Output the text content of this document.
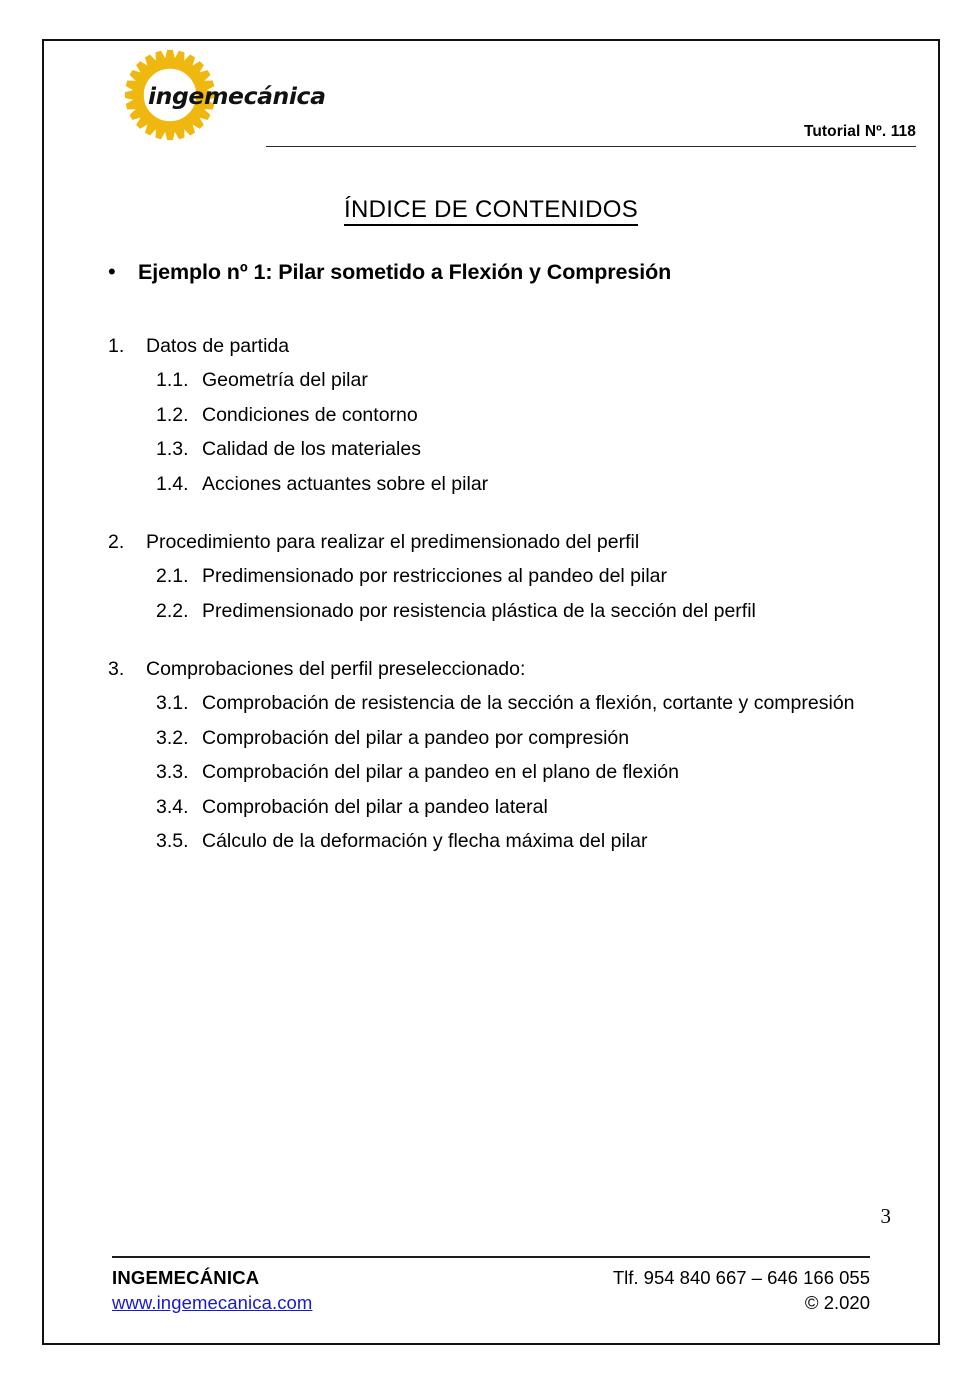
ingemecánica
Tutorial Nº. 118
ÍNDICE DE CONTENIDOS
•	Ejemplo nº 1: Pilar sometido a Flexión y Compresión
1.	Datos de partida
1.1. Geometría del pilar
1.2. Condiciones de contorno
1.3. Calidad de los materiales
1.4. Acciones actuantes sobre el pilar
2.	Procedimiento para realizar el predimensionado del perfil
2.1. Predimensionado por restricciones al pandeo del pilar
2.2. Predimensionado por resistencia plástica de la sección del perfil
3.	Comprobaciones del perfil preseleccionado:
3.1. Comprobación de resistencia de la sección a flexión, cortante y compresión
3.2. Comprobación del pilar a pandeo por compresión
3.3. Comprobación del pilar a pandeo en el plano de flexión
3.4. Comprobación del pilar a pandeo lateral
3.5. Cálculo de la deformación y flecha máxima del pilar
3
INGEMECÁNICA	Tlf. 954 840 667 – 646 166 055
www.ingemecanica.com	© 2.020
